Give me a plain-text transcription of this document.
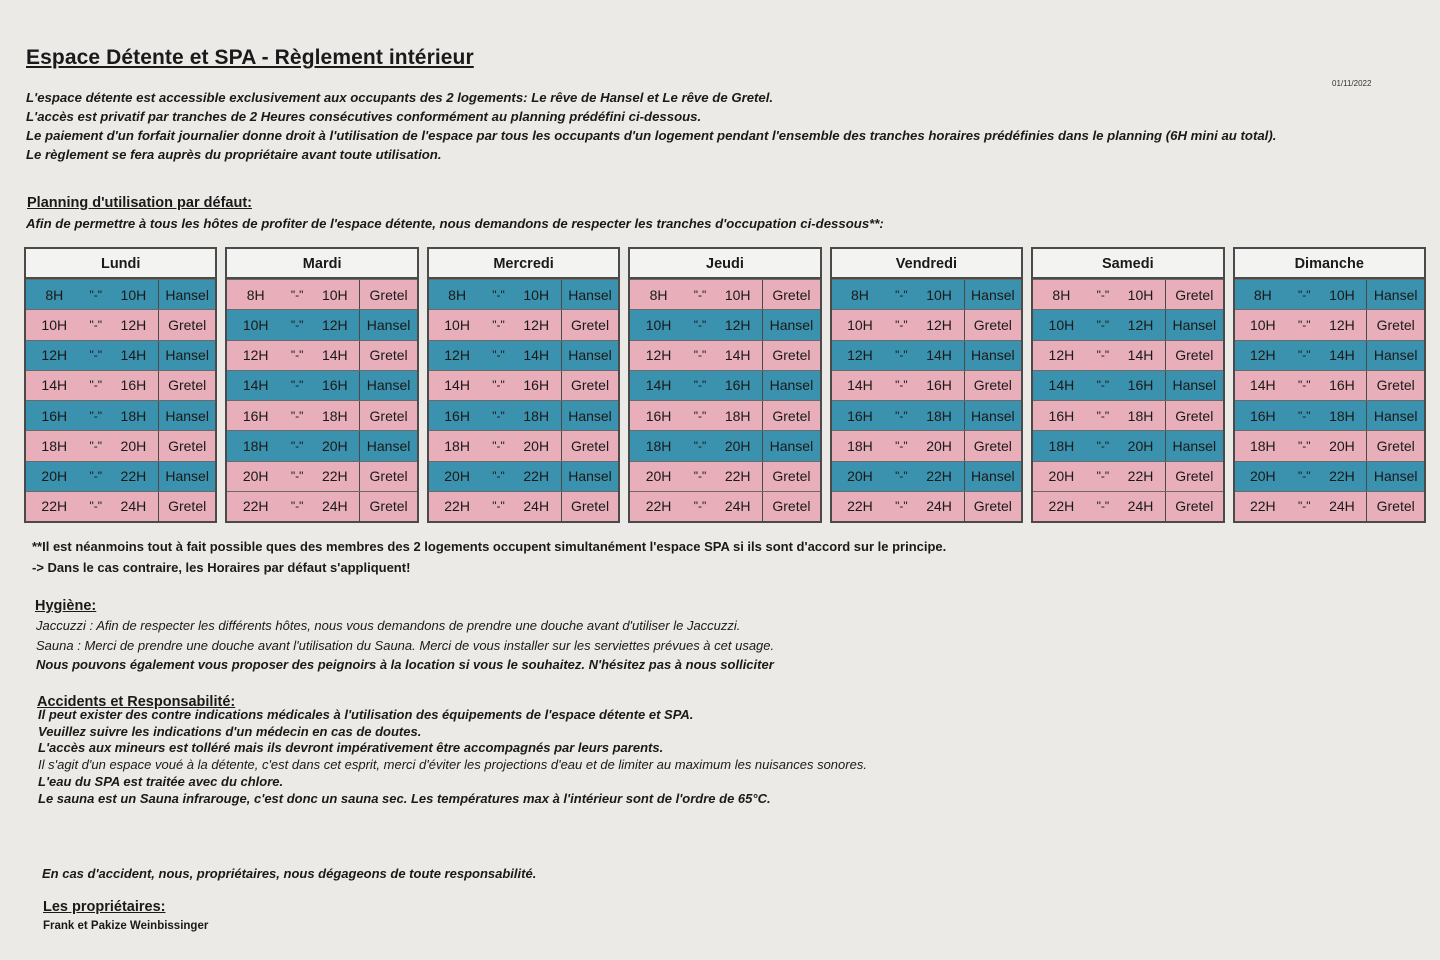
Espace Détente et SPA - Règlement intérieur
01/11/2022

L'espace détente est accessible exclusivement aux occupants des 2 logements: Le rêve de Hansel et Le rêve de Gretel.

L'accès est privatif par tranches de 2 Heures consécutives conformément au planning prédéfini ci-dessous.

Le paiement d'un forfait journalier donne droit à l'utilisation de l'espace par tous les occupants d'un logement pendant l'ensemble des tranches horaires prédéfinies dans le planning (6H mini au total).

Le règlement se fera auprès du propriétaire avant toute utilisation.

Planning d'utilisation par défaut:
Afin de permettre à tous les hôtes de profiter de l'espace détente, nous demandons de respecter les tranches d'occupation ci-dessous**:
Lundi
8H	"-"	10H	Hansel
10H	"-"	12H	Gretel
12H	"-"	14H	Hansel
14H	"-"	16H	Gretel
16H	"-"	18H	Hansel
18H	"-"	20H	Gretel
20H	"-"	22H	Hansel
22H	"-"	24H	Gretel
Mardi
8H	"-"	10H	Gretel
10H	"-"	12H	Hansel
12H	"-"	14H	Gretel
14H	"-"	16H	Hansel
16H	"-"	18H	Gretel
18H	"-"	20H	Hansel
20H	"-"	22H	Gretel
22H	"-"	24H	Gretel
Mercredi
8H	"-"	10H	Hansel
10H	"-"	12H	Gretel
12H	"-"	14H	Hansel
14H	"-"	16H	Gretel
16H	"-"	18H	Hansel
18H	"-"	20H	Gretel
20H	"-"	22H	Hansel
22H	"-"	24H	Gretel
Jeudi
8H	"-"	10H	Gretel
10H	"-"	12H	Hansel
12H	"-"	14H	Gretel
14H	"-"	16H	Hansel
16H	"-"	18H	Gretel
18H	"-"	20H	Hansel
20H	"-"	22H	Gretel
22H	"-"	24H	Gretel
Vendredi
8H	"-"	10H	Hansel
10H	"-"	12H	Gretel
12H	"-"	14H	Hansel
14H	"-"	16H	Gretel
16H	"-"	18H	Hansel
18H	"-"	20H	Gretel
20H	"-"	22H	Hansel
22H	"-"	24H	Gretel
Samedi
8H	"-"	10H	Gretel
10H	"-"	12H	Hansel
12H	"-"	14H	Gretel
14H	"-"	16H	Hansel
16H	"-"	18H	Gretel
18H	"-"	20H	Hansel
20H	"-"	22H	Gretel
22H	"-"	24H	Gretel
Dimanche
8H	"-"	10H	Hansel
10H	"-"	12H	Gretel
12H	"-"	14H	Hansel
14H	"-"	16H	Gretel
16H	"-"	18H	Hansel
18H	"-"	20H	Gretel
20H	"-"	22H	Hansel
22H	"-"	24H	Gretel

**Il est néanmoins tout à fait possible ques des membres des 2 logements occupent simultanément l'espace SPA si ils sont d'accord sur le principe.

-> Dans le cas contraire, les Horaires par défaut s'appliquent!

Hygiène:

Jaccuzzi : Afin de respecter les différents hôtes, nous vous demandons de prendre une douche avant d'utiliser le Jaccuzzi.

Sauna : Merci de prendre une douche avant l'utilisation du Sauna. Merci de vous installer sur les serviettes prévues à cet usage.

Nous pouvons également vous proposer des peignoirs à la location si vous le souhaitez. N'hésitez pas à nous solliciter

Accidents et Responsabilité:

Il peut exister des contre indications médicales à l'utilisation des équipements de l'espace détente et SPA.

Veuillez suivre les indications d'un médecin en cas de doutes.

L'accès aux mineurs est tolléré mais ils devront impérativement être accompagnés par leurs parents.

Il s'agit d'un espace voué à la détente, c'est dans cet esprit, merci d'éviter les projections d'eau et de limiter au maximum les nuisances sonores.

L'eau du SPA est traitée avec du chlore.

Le sauna est un Sauna infrarouge, c'est donc un sauna sec. Les températures max à l'intérieur sont de l'ordre de 65°C.

En cas d'accident, nous, propriétaires, nous dégageons de toute responsabilité.

Les propriétaires:

Frank et Pakize Weinbissinger
